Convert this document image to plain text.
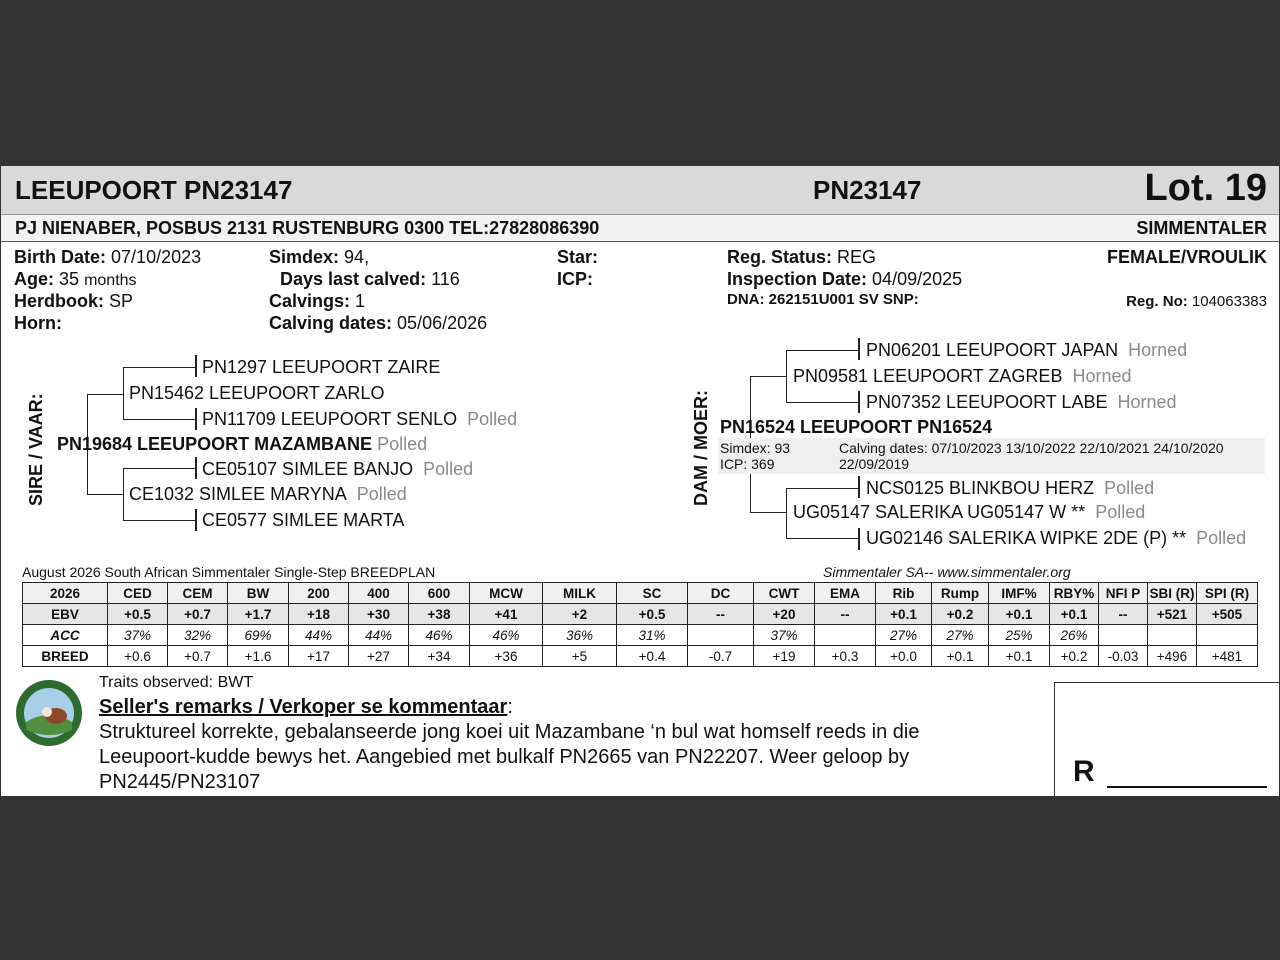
LEEUPOORT PN23147	PN23147	Lot. 19
PJ NIENABER, POSBUS 2131 RUSTENBURG 0300 TEL:27828086390	SIMMENTALER
Birth Date: 07/10/2023
Age: 35 months
Herdbook: SP
Horn:
Simdex: 94,
Days last calved: 116
Calvings: 1
Calving dates: 05/06/2026
Star:
ICP:
Reg. Status: REG
Inspection Date: 04/09/2025
DNA: 262151U001 SV SNP:
FEMALE/VROULIK
Reg. No: 104063383
SIRE / VAAR:
PN1297 LEEUPOORT ZAIRE
PN15462 LEEUPOORT ZARLO
PN11709 LEEUPOORT SENLO Polled
PN19684 LEEUPOORT MAZAMBANE Polled
CE05107 SIMLEE BANJO Polled
CE1032 SIMLEE MARYNA Polled
CE0577 SIMLEE MARTA
DAM / MOER:
PN06201 LEEUPOORT JAPAN Horned
PN09581 LEEUPOORT ZAGREB Horned
PN07352 LEEUPOORT LABE Horned
PN16524 LEEUPOORT PN16524
Simdex: 93
ICP: 369
Calving dates: 07/10/2023 13/10/2022 22/10/2021 24/10/2020
22/09/2019
NCS0125 BLINKBOU HERZ Polled
UG05147 SALERIKA UG05147 W ** Polled
UG02146 SALERIKA WIPKE 2DE (P) ** Polled
August 2026 South African Simmentaler Single-Step BREEDPLAN	Simmentaler SA-- www.simmentaler.org
2026	CED	CEM	BW	200	400	600	MCW	MILK	SC	DC	CWT	EMA	Rib	Rump	IMF%	RBY%	NFI P	SBI (R)	SPI (R)
EBV	+0.5	+0.7	+1.7	+18	+30	+38	+41	+2	+0.5	--	+20	--	+0.1	+0.2	+0.1	+0.1	--	+521	+505
ACC	37%	32%	69%	44%	44%	46%	46%	36%	31%		37%		27%	27%	25%	26%			
BREED	+0.6	+0.7	+1.6	+17	+27	+34	+36	+5	+0.4	-0.7	+19	+0.3	+0.0	+0.1	+0.1	+0.2	-0.03	+496	+481
Traits observed: BWT
Seller's remarks / Verkoper se kommentaar:
Struktureel korrekte, gebalanseerde jong koei uit Mazambane ‘n bul wat homself reeds in die
Leeupoort-kudde bewys het. Aangebied met bulkalf PN2665 van PN22207. Weer geloop by
PN2445/PN23107	R
